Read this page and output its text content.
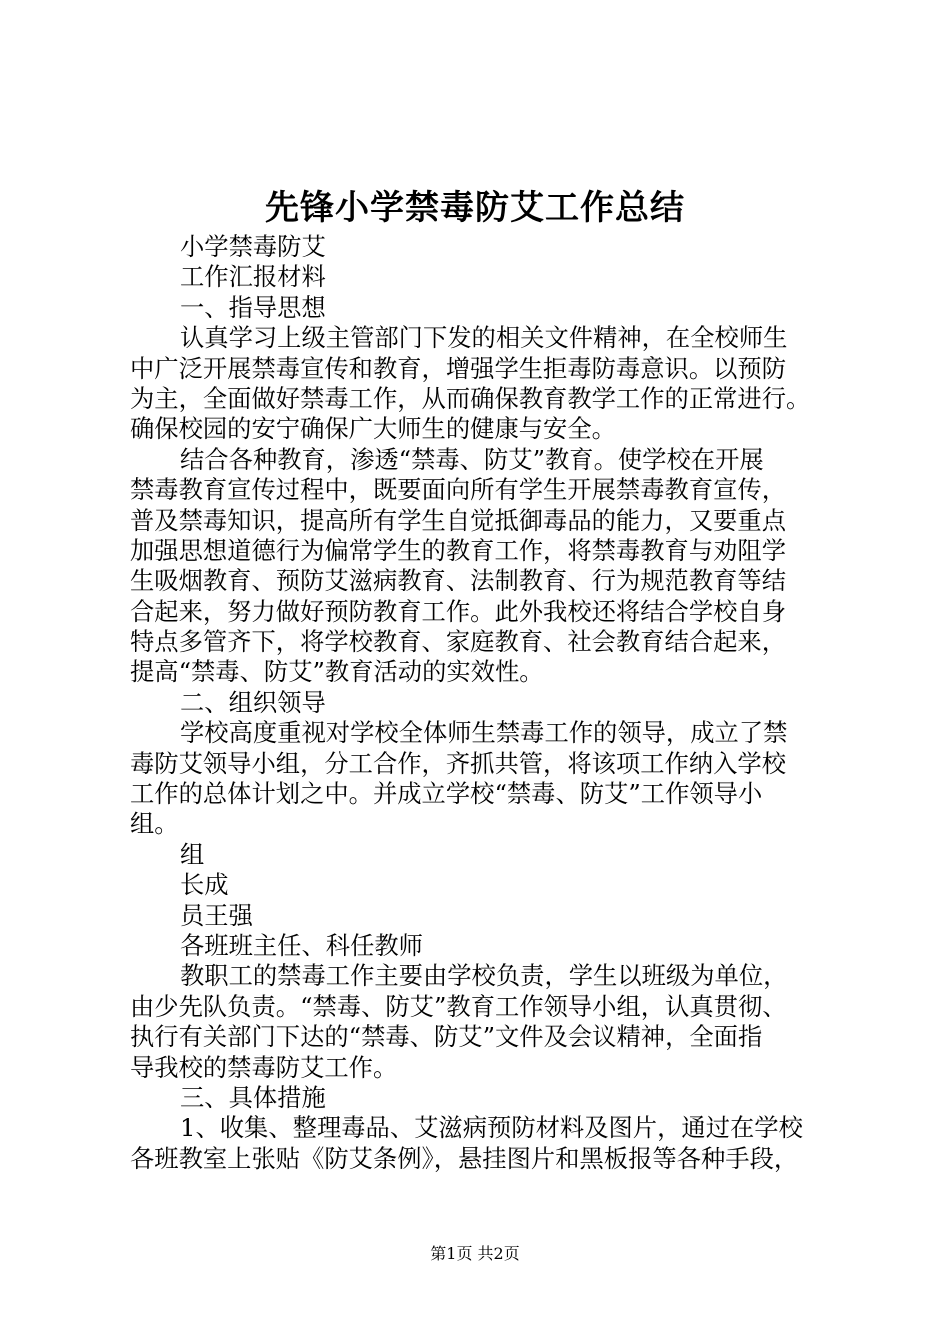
先锋小学禁毒防艾工作总结
小学禁毒防艾
工作汇报材料
一、指导思想
认真学习上级主管部门下发的相关文件精神，在全校师生
中广泛开展禁毒宣传和教育，增强学生拒毒防毒意识。以预防
为主，全面做好禁毒工作，从而确保教育教学工作的正常进行。
确保校园的安宁确保广大师生的健康与安全。
结合各种教育，渗透“禁毒、防艾”教育。使学校在开展
禁毒教育宣传过程中，既要面向所有学生开展禁毒教育宣传，
普及禁毒知识，提高所有学生自觉抵御毒品的能力，又要重点
加强思想道德行为偏常学生的教育工作，将禁毒教育与劝阻学
生吸烟教育、预防艾滋病教育、法制教育、行为规范教育等结
合起来，努力做好预防教育工作。此外我校还将结合学校自身
特点多管齐下，将学校教育、家庭教育、社会教育结合起来，
提高“禁毒、防艾”教育活动的实效性。
二、组织领导
学校高度重视对学校全体师生禁毒工作的领导，成立了禁
毒防艾领导小组，分工合作，齐抓共管，将该项工作纳入学校
工作的总体计划之中。并成立学校“禁毒、防艾”工作领导小
组。
组
长成
员王强
各班班主任、科任教师
教职工的禁毒工作主要由学校负责，学生以班级为单位，
由少先队负责。“禁毒、防艾”教育工作领导小组，认真贯彻、
执行有关部门下达的“禁毒、防艾”文件及会议精神，全面指
导我校的禁毒防艾工作。
三、具体措施
1、收集、整理毒品、艾滋病预防材料及图片，通过在学校
各班教室上张贴《防艾条例》，悬挂图片和黑板报等各种手段，
第1页 共2页
